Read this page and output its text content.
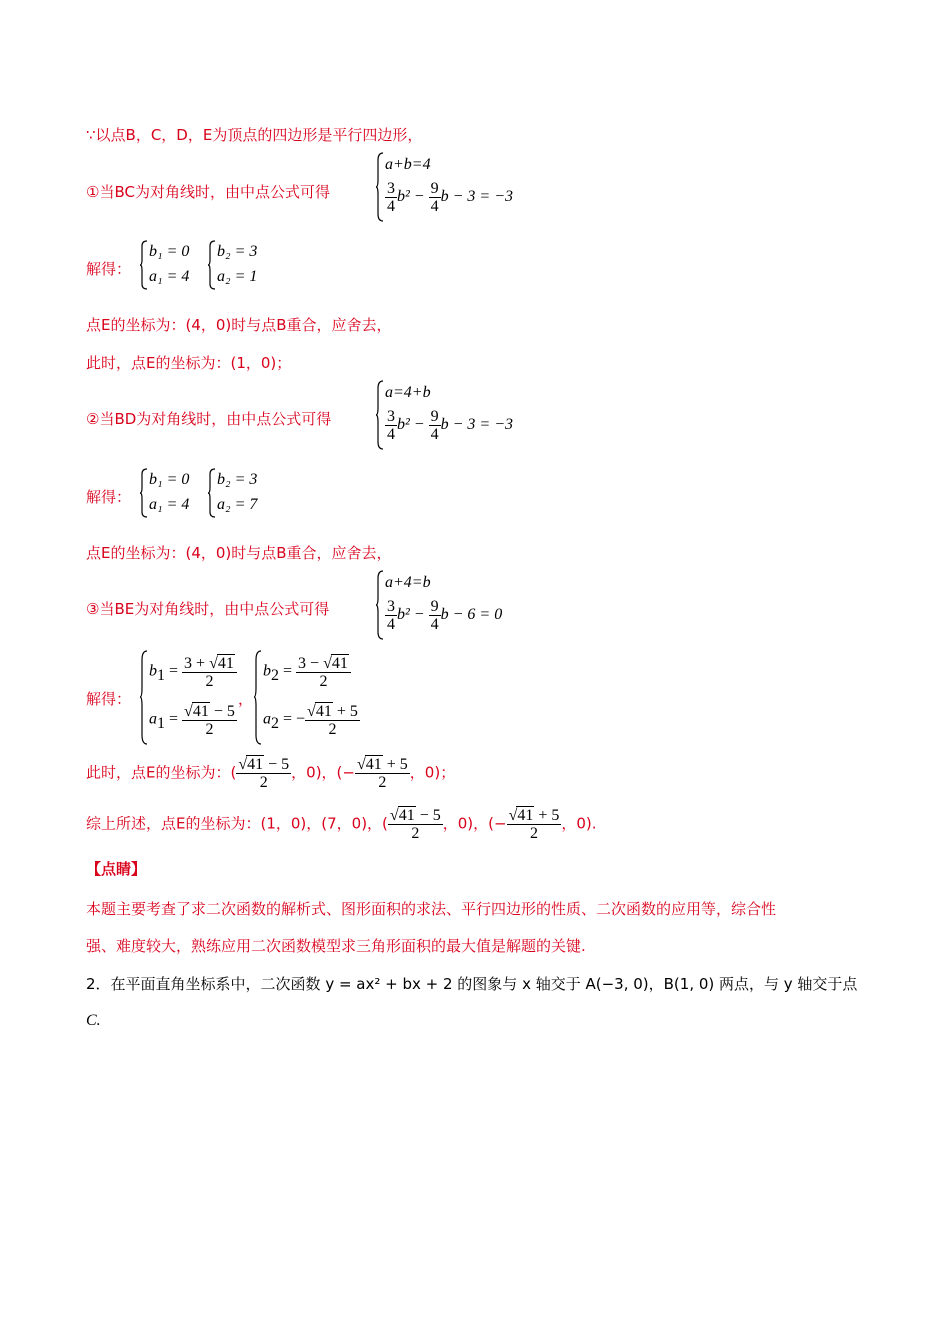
∵以点B，C，D，E为顶点的四边形是平行四边形，
①当BC为对角线时，由中点公式可得
a+b=4
$\frac{3}{4} b^2 - \frac{9}{4}$ b − 3 = −3
解得：
b₁ = 0
a₁ = 4
b₂ = 3
a₂ = 1
点E的坐标为：(4，0)时与点B重合，应舍去，
此时，点E的坐标为：(1，0)；
②当BD为对角线时，由中点公式可得
a=4+b
$\frac{3}{4} b^2 - \frac{9}{4}$ b − 3 = −3
解得：
b₁ = 0
a₁ = 4
b₂ = 3
a₂ = 7
点E的坐标为：(4，0)时与点B重合，应舍去，
③当BE为对角线时，由中点公式可得
a+4=b
$\frac{3}{4} b^2 - \frac{9}{4}$ b − 6 = 0
解得：
$b_1 = \frac{3 + √41}{2}$
$a_1 = \frac{√41 - 5}{2}$
，
$b_2 = \frac{3 - √41}{2}$
$a_2$ = − $\frac{√41 + 5}{2}$
此时，点E的坐标为：( $\frac{√41 - 5}{2}$ ，0)，(− $\frac{√41 + 5}{2}$ ，0)；
综上所述，点E的坐标为：(1，0)，(7，0)，( $\frac{√41 - 5}{2}$ ，0)，(− $\frac{√41 + 5}{2}$ ，0).
【点睛】
本题主要考查了求二次函数的解析式、图形面积的求法、平行四边形的性质、二次函数的应用等，综合性
强、难度较大，熟练应用二次函数模型求三角形面积的最大值是解题的关键.
2．在平面直角坐标系中，二次函数 y = ax² + bx + 2 的图象与 x 轴交于 A(−3, 0)，B(1, 0) 两点，与 y 轴交于点
C.
